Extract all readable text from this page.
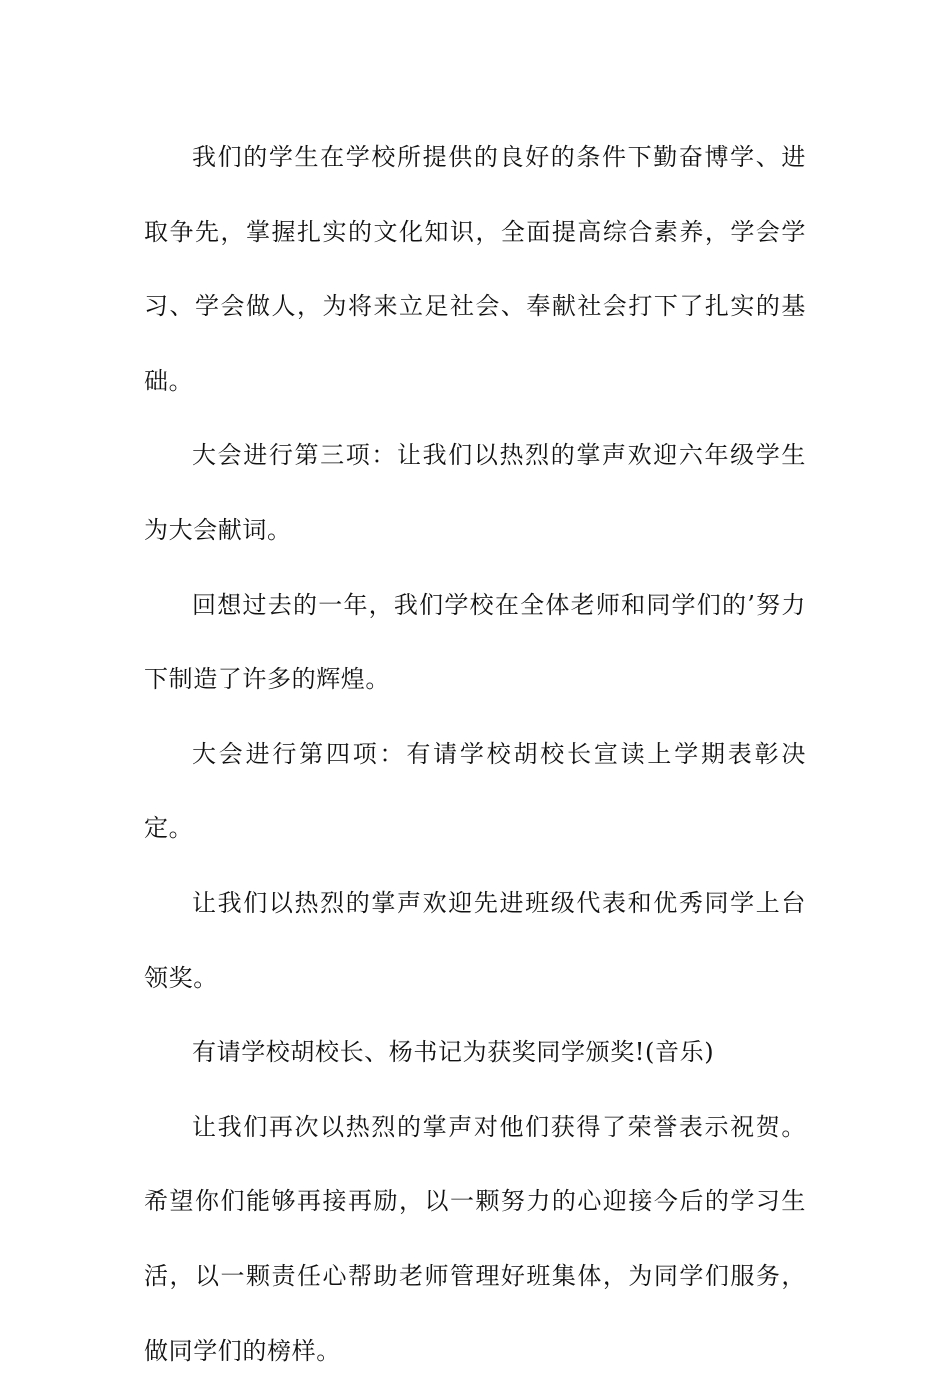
我们的学生在学校所提供的良好的条件下勤奋博学、进取争先，掌握扎实的文化知识，全面提高综合素养，学会学习、学会做人，为将来立足社会、奉献社会打下了扎实的基础。

大会进行第三项：让我们以热烈的掌声欢迎六年级学生为大会献词。

回想过去的一年，我们学校在全体老师和同学们的’努力下制造了许多的辉煌。

大会进行第四项：有请学校胡校长宣读上学期表彰决定。

让我们以热烈的掌声欢迎先进班级代表和优秀同学上台领奖。

有请学校胡校长、杨书记为获奖同学颁奖!(音乐)

让我们再次以热烈的掌声对他们获得了荣誉表示祝贺。希望你们能够再接再励，以一颗努力的心迎接今后的学习生活，以一颗责任心帮助老师管理好班集体，为同学们服务，做同学们的榜样。
